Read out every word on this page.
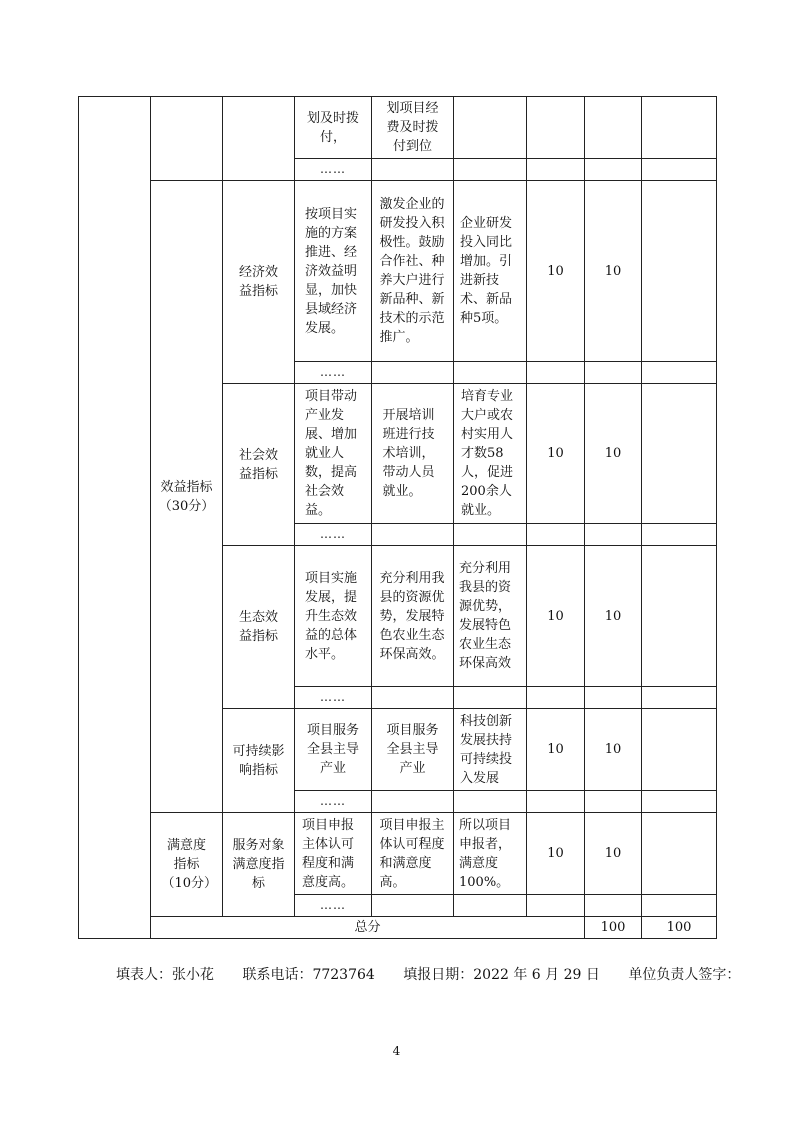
			划及时拨付，	划项目经费及时拨付到位					
			……						
	效益指标（30分）	经济效益指标	按项目实施的方案推进、经济效益明显，加快县域经济发展。	激发企业的研发投入积极性。鼓励合作社、种养大户进行新品种、新技术的示范推广。	企业研发投入同比增加。引进新技术、新品种5项。	10	10		
			……						
		社会效益指标	项目带动产业发展、增加就业人数，提高社会效益。	开展培训班进行技术培训，带动人员就业。	培育专业大户或农村实用人才数58人，促进200余人就业。	10	10		
			……						
		生态效益指标	项目实施发展，提升生态效益的总体水平。	充分利用我县的资源优势，发展特色农业生态环保高效。	充分利用我县的资源优势，发展特色农业生态环保高效	10	10		
			……						
		可持续影响指标	项目服务全县主导产业	项目服务全县主导产业	科技创新发展扶持可持续投入发展	10	10		
			……						
	满意度指标（10分）	服务对象满意度指标	项目申报主体认可程度和满意度高。	项目申报主体认可程度和满意度高。	所以项目申报者，满意度100%。	10	10		
			……						
	总分						100	100	
填表人：张小花 联系电话：7723764 填报日期：2022 年 6 月 29 日 单位负责人签字：
4
